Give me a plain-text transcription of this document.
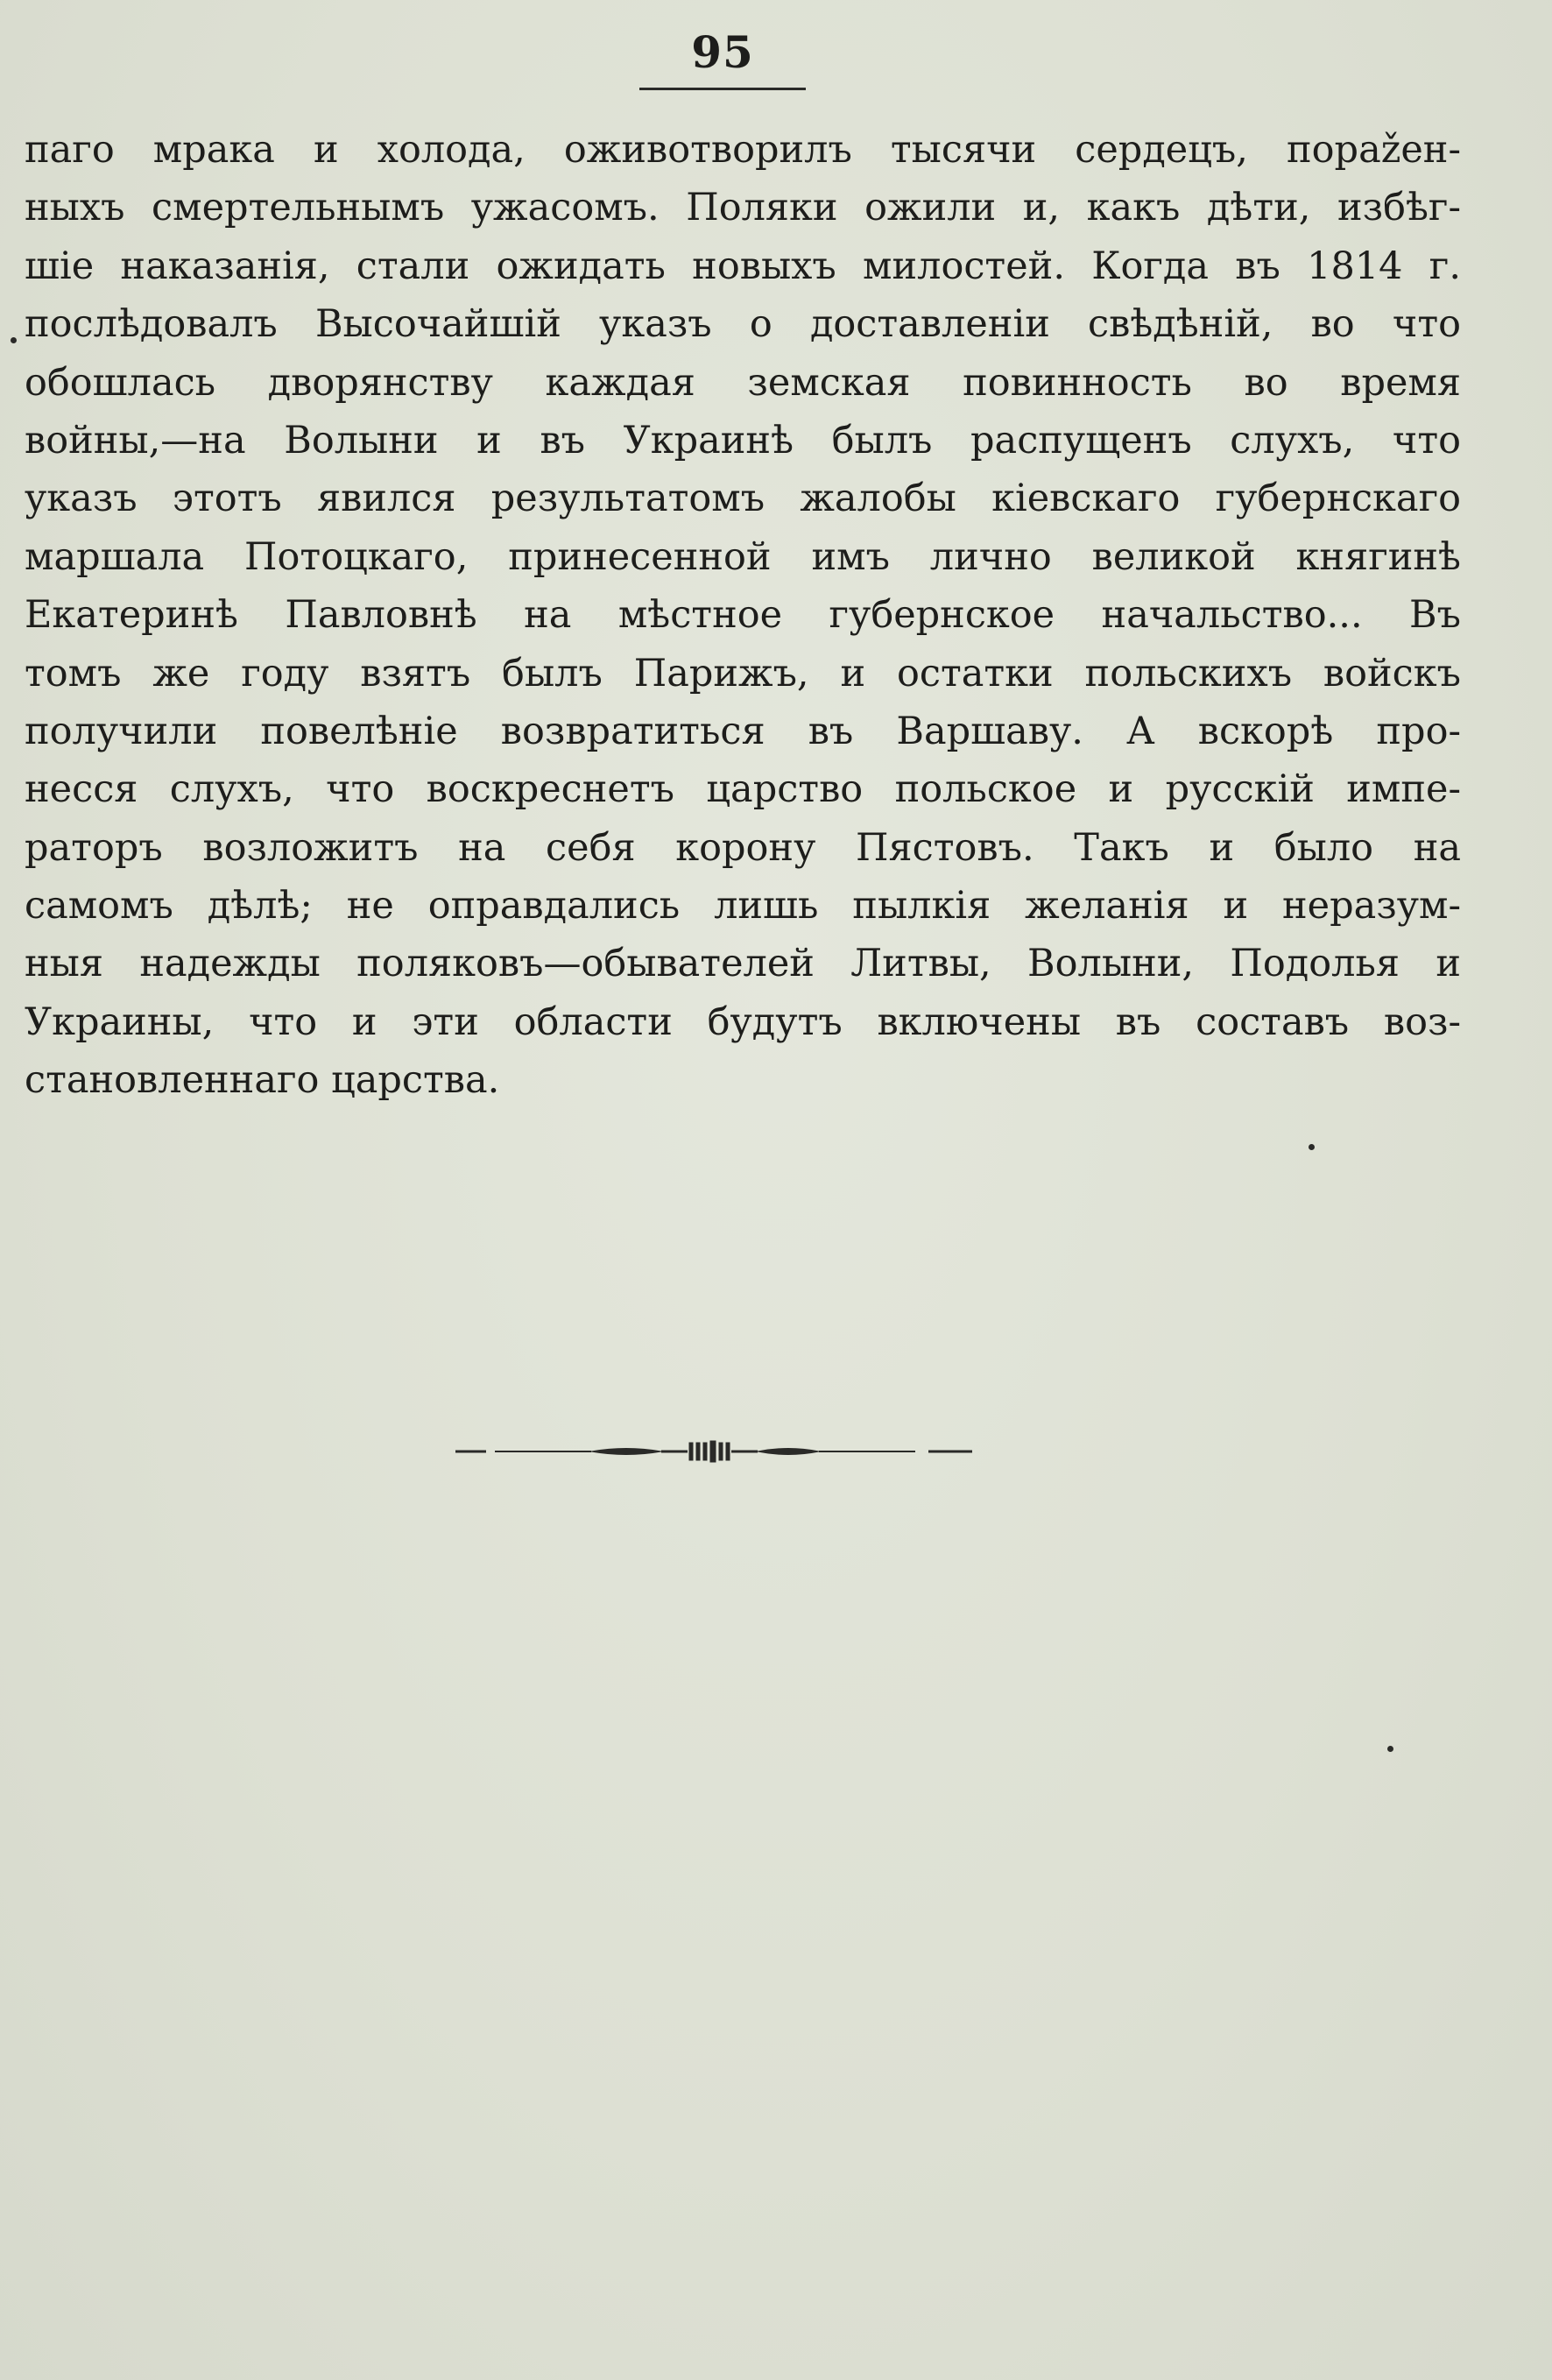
95
паго мрака и холода, оживотворилъ тысячи сердецъ, пораžен-
ныхъ смертельнымъ ужасомъ. Поляки ожили и, какъ дѣти, избѣг-
шіе наказанія, стали ожидать новыхъ милостей. Когда въ 1814 г.
послѣдовалъ Высочайшій указъ о доставленіи свѣдѣній, во что
обошлась дворянству каждая земская повинность во время
войны,—на Волыни и въ Украинѣ былъ распущенъ слухъ, что
указъ этотъ явился результатомъ жалобы кіевскаго губернскаго
маршала Потоцкаго, принесенной имъ лично великой княгинѣ
Екатеринѣ Павловнѣ на мѣстное губернское начальство... Въ
томъ же году взятъ былъ Парижъ, и остатки польскихъ войскъ
получили повелѣніе возвратиться въ Варшаву. А вскорѣ про-
несся слухъ, что воскреснетъ царство польское и русскій импе-
раторъ возложитъ на себя корону Пястовъ. Такъ и было на
самомъ дѣлѣ; не оправдались лишь пылкія желанія и неразум-
ныя надежды поляковъ—обывателей Литвы, Волыни, Подолья и
Украины, что и эти области будутъ включены въ составъ воз-
становленнаго царства.
